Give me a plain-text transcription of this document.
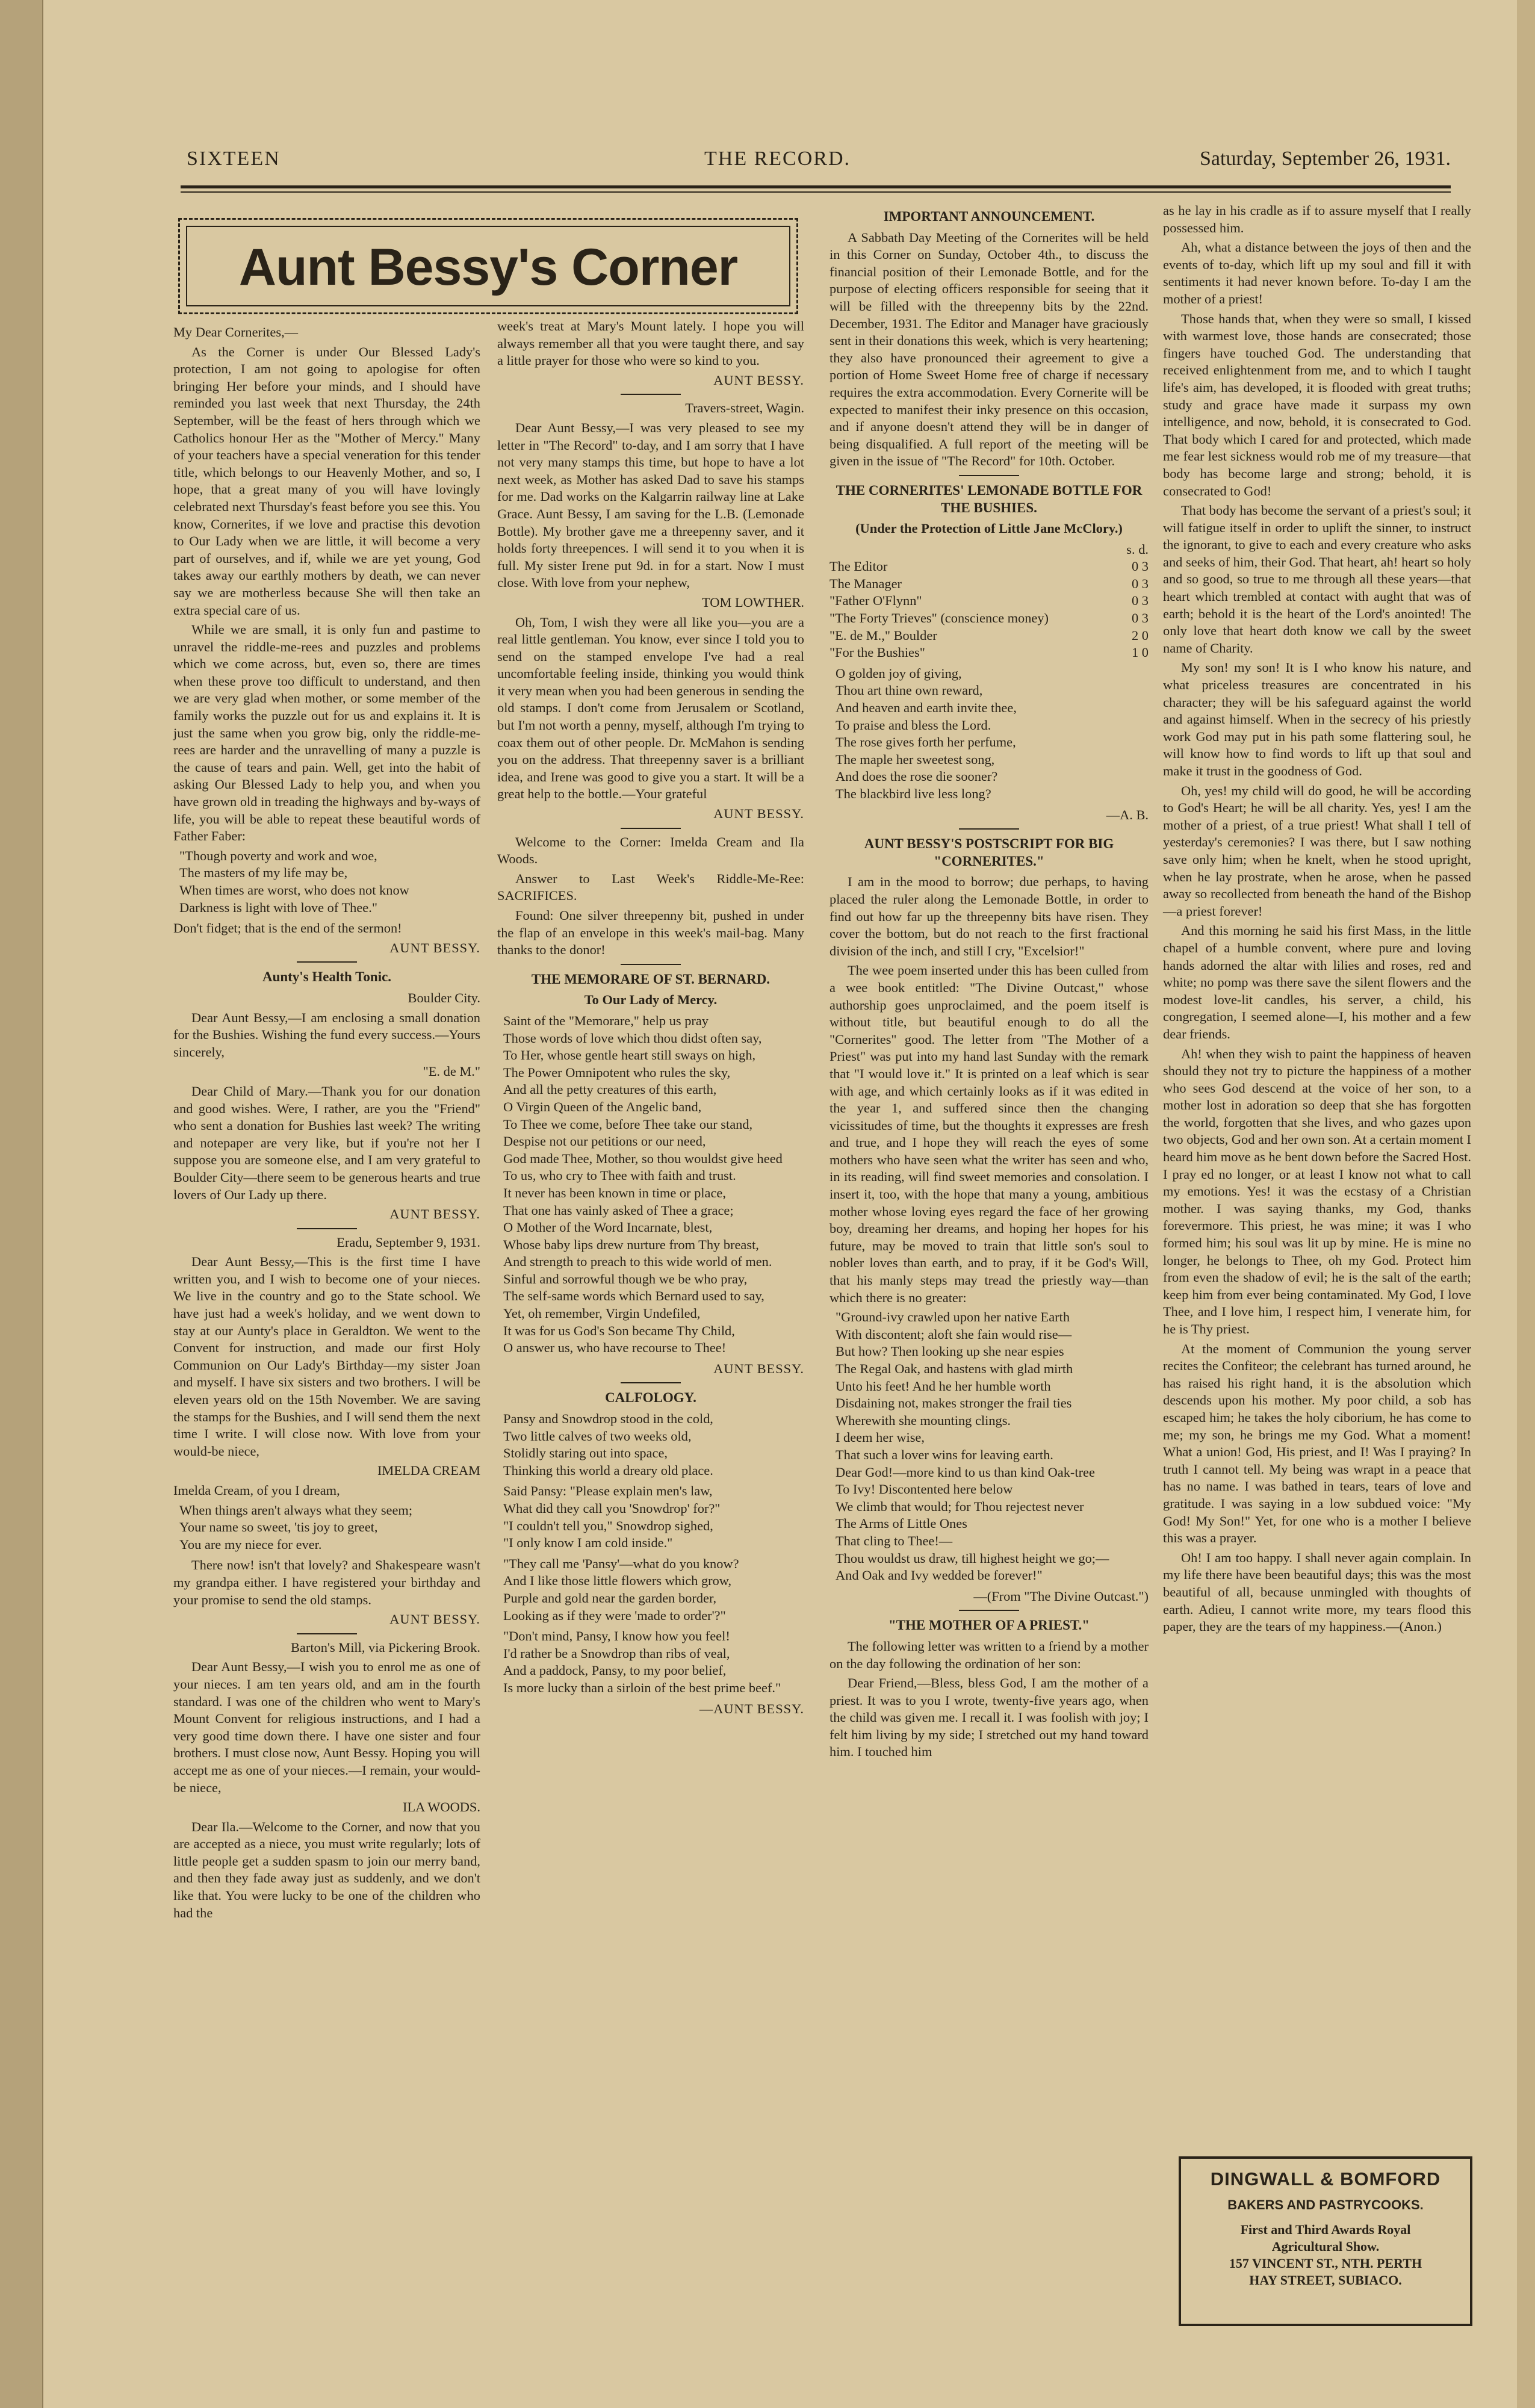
SIXTEEN	THE RECORD.	Saturday, September 26, 1931.
Aunt Bessy's Corner

My Dear Cornerites,—

As the Corner is under Our Blessed Lady's protection, I am not going to apologise for often bringing Her before your minds, and I should have reminded you last week that next Thursday, the 24th September, will be the feast of hers through which we Catholics honour Her as the "Mother of Mercy." Many of your teachers have a special veneration for this tender title, which belongs to our Heavenly Mother, and so, I hope, that a great many of you will have lovingly celebrated next Thursday's feast before you see this. You know, Cornerites, if we love and practise this devotion to Our Lady when we are little, it will become a very part of ourselves, and if, while we are yet young, God takes away our earthly mothers by death, we can never say we are motherless because She will then take an extra special care of us.

While we are small, it is only fun and pastime to unravel the riddle-me-rees and puzzles and problems which we come across, but, even so, there are times when these prove too difficult to understand, and then we are very glad when mother, or some member of the family works the puzzle out for us and explains it. It is just the same when you grow big, only the riddle-me-rees are harder and the unravelling of many a puzzle is the cause of tears and pain. Well, get into the habit of asking Our Blessed Lady to help you, and when you have grown old in treading the highways and by-ways of life, you will be able to repeat these beautiful words of Father Faber:

"Though poverty and work and woe,
The masters of my life may be,
When times are worst, who does not know
Darkness is light with love of Thee."

Don't fidget; that is the end of the sermon!

AUNT BESSY.

Aunty's Health Tonic.

Boulder City.

Dear Aunt Bessy,—I am enclosing a small donation for the Bushies. Wishing the fund every success.—Yours sincerely,

"E. de M."

Dear Child of Mary.—Thank you for our donation and good wishes. Were, I rather, are you the "Friend" who sent a donation for Bushies last week? The writing and notepaper are very like, but if you're not her I suppose you are someone else, and I am very grateful to Boulder City—there seem to be generous hearts and true lovers of Our Lady up there.

AUNT BESSY.

Eradu, September 9, 1931.

Dear Aunt Bessy,—This is the first time I have written you, and I wish to become one of your nieces. We live in the country and go to the State school. We have just had a week's holiday, and we went down to stay at our Aunty's place in Geraldton. We went to the Convent for instruction, and made our first Holy Communion on Our Lady's Birthday—my sister Joan and myself. I have six sisters and two brothers. I will be eleven years old on the 15th November. We are saving the stamps for the Bushies, and I will send them the next time I write. I will close now. With love from your would-be niece,

IMELDA CREAM

Imelda Cream, of you I dream,

When things aren't always what they seem;
Your name so sweet, 'tis joy to greet,
You are my niece for ever.

There now! isn't that lovely? and Shakespeare wasn't my grandpa either. I have registered your birthday and your promise to send the old stamps.

AUNT BESSY.

Barton's Mill, via Pickering Brook.

Dear Aunt Bessy,—I wish you to enrol me as one of your nieces. I am ten years old, and am in the fourth standard. I was one of the children who went to Mary's Mount Convent for religious instructions, and I had a very good time down there. I have one sister and four brothers. I must close now, Aunt Bessy. Hoping you will accept me as one of your nieces.—I remain, your would-be niece,

ILA WOODS.

Dear Ila.—Welcome to the Corner, and now that you are accepted as a niece, you must write regularly; lots of little people get a sudden spasm to join our merry band, and then they fade away just as suddenly, and we don't like that. You were lucky to be one of the children who had the

week's treat at Mary's Mount lately. I hope you will always remember all that you were taught there, and say a little prayer for those who were so kind to you.

AUNT BESSY.

Travers-street, Wagin.

Dear Aunt Bessy,—I was very pleased to see my letter in "The Record" to-day, and I am sorry that I have not very many stamps this time, but hope to have a lot next week, as Mother has asked Dad to save his stamps for me. Dad works on the Kalgarrin railway line at Lake Grace. Aunt Bessy, I am saving for the L.B. (Lemonade Bottle). My brother gave me a threepenny saver, and it holds forty threepences. I will send it to you when it is full. My sister Irene put 9d. in for a start. Now I must close. With love from your nephew,

TOM LOWTHER.

Oh, Tom, I wish they were all like you—you are a real little gentleman. You know, ever since I told you to send on the stamped envelope I've had a real uncomfortable feeling inside, thinking you would think it very mean when you had been generous in sending the old stamps. I don't come from Jerusalem or Scotland, but I'm not worth a penny, myself, although I'm trying to coax them out of other people. Dr. McMahon is sending you on the address. That threepenny saver is a brilliant idea, and Irene was good to give you a start. It will be a great help to the bottle.—Your grateful

AUNT BESSY.

Welcome to the Corner: Imelda Cream and Ila Woods.

Answer to Last Week's Riddle-Me-Ree: SACRIFICES.

Found: One silver threepenny bit, pushed in under the flap of an envelope in this week's mail-bag. Many thanks to the donor!

THE MEMORARE OF ST. BERNARD.

To Our Lady of Mercy.

Saint of the "Memorare," help us pray
Those words of love which thou didst often say,
To Her, whose gentle heart still sways on high,
The Power Omnipotent who rules the sky,
And all the petty creatures of this earth,
O Virgin Queen of the Angelic band,
To Thee we come, before Thee take our stand,
Despise not our petitions or our need,
God made Thee, Mother, so thou wouldst give heed
To us, who cry to Thee with faith and trust.
It never has been known in time or place,
That one has vainly asked of Thee a grace;
O Mother of the Word Incarnate, blest,
Whose baby lips drew nurture from Thy breast,
And strength to preach to this wide world of men.
Sinful and sorrowful though we be who pray,
The self-same words which Bernard used to say,
Yet, oh remember, Virgin Undefiled,
It was for us God's Son became Thy Child,
O answer us, who have recourse to Thee!

AUNT BESSY.

CALFOLOGY.

Pansy and Snowdrop stood in the cold,
Two little calves of two weeks old,
Stolidly staring out into space,
Thinking this world a dreary old place.
Said Pansy: "Please explain men's law,
What did they call you 'Snowdrop' for?"
"I couldn't tell you," Snowdrop sighed,
"I only know I am cold inside."
"They call me 'Pansy'—what do you know?
And I like those little flowers which grow,
Purple and gold near the garden border,
Looking as if they were 'made to order'?"
"Don't mind, Pansy, I know how you feel!
I'd rather be a Snowdrop than ribs of veal,
And a paddock, Pansy, to my poor belief,
Is more lucky than a sirloin of the best prime beef."

—AUNT BESSY.

IMPORTANT ANNOUNCEMENT.

A Sabbath Day Meeting of the Cornerites will be held in this Corner on Sunday, October 4th., to discuss the financial position of their Lemonade Bottle, and for the purpose of electing officers responsible for seeing that it will be filled with the threepenny bits by the 22nd. December, 1931. The Editor and Manager have graciously sent in their donations this week, which is very heartening; they also have pronounced their agreement to give a portion of Home Sweet Home free of charge if necessary requires the extra accommodation. Every Cornerite will be expected to manifest their inky presence on this occasion, and if anyone doesn't attend they will be in danger of being disqualified. A full report of the meeting will be given in the issue of "The Record" for 10th. October.

THE CORNERITES' LEMONADE BOTTLE FOR THE BUSHIES.

(Under the Protection of Little Jane McClory.)

	s. d.
The Editor	0 3
The Manager	0 3
"Father O'Flynn"	0 3
"The Forty Trieves" (conscience money)	0 3
"E. de M.," Boulder	2 0
"For the Bushies"	1 0
O golden joy of giving,
Thou art thine own reward,
And heaven and earth invite thee,
To praise and bless the Lord.
The rose gives forth her perfume,
The maple her sweetest song,
And does the rose die sooner?
The blackbird live less long?

—A. B.

AUNT BESSY'S POSTSCRIPT FOR BIG "CORNERITES."

I am in the mood to borrow; due perhaps, to having placed the ruler along the Lemonade Bottle, in order to find out how far up the threepenny bits have risen. They cover the bottom, but do not reach to the first fractional division of the inch, and still I cry, "Excelsior!"

The wee poem inserted under this has been culled from a wee book entitled: "The Divine Outcast," whose authorship goes unproclaimed, and the poem itself is without title, but beautiful enough to do all the "Cornerites" good. The letter from "The Mother of a Priest" was put into my hand last Sunday with the remark that "I would love it." It is printed on a leaf which is sear with age, and which certainly looks as if it was edited in the year 1, and suffered since then the changing vicissitudes of time, but the thoughts it expresses are fresh and true, and I hope they will reach the eyes of some mothers who have seen what the writer has seen and who, in its reading, will find sweet memories and consolation. I insert it, too, with the hope that many a young, ambitious mother whose loving eyes regard the face of her growing boy, dreaming her dreams, and hoping her hopes for his future, may be moved to train that little son's soul to nobler loves than earth, and to pray, if it be God's Will, that his manly steps may tread the priestly way—than which there is no greater:

"Ground-ivy crawled upon her native Earth
With discontent; aloft she fain would rise—
But how? Then looking up she near espies
The Regal Oak, and hastens with glad mirth
Unto his feet! And he her humble worth
Disdaining not, makes stronger the frail ties
Wherewith she mounting clings.
I deem her wise,
That such a lover wins for leaving earth.
Dear God!—more kind to us than kind Oak-tree
To Ivy! Discontented here below
We climb that would; for Thou rejectest never
The Arms of Little Ones
That cling to Thee!—
Thou wouldst us draw, till highest height we go;—
And Oak and Ivy wedded be forever!"

—(From "The Divine Outcast.")

"THE MOTHER OF A PRIEST."

The following letter was written to a friend by a mother on the day following the ordination of her son:

Dear Friend,—Bless, bless God, I am the mother of a priest. It was to you I wrote, twenty-five years ago, when the child was given me. I recall it. I was foolish with joy; I felt him living by my side; I stretched out my hand toward him. I touched him

as he lay in his cradle as if to assure myself that I really possessed him.

Ah, what a distance between the joys of then and the events of to-day, which lift up my soul and fill it with sentiments it had never known before. To-day I am the mother of a priest!

Those hands that, when they were so small, I kissed with warmest love, those hands are consecrated; those fingers have touched God. The understanding that received enlightenment from me, and to which I taught life's aim, has developed, it is flooded with great truths; study and grace have made it surpass my own intelligence, and now, behold, it is consecrated to God. That body which I cared for and protected, which made me fear lest sickness would rob me of my treasure—that body has become large and strong; behold, it is consecrated to God!

That body has become the servant of a priest's soul; it will fatigue itself in order to uplift the sinner, to instruct the ignorant, to give to each and every creature who asks and seeks of him, their God. That heart, ah! heart so holy and so good, so true to me through all these years—that heart which trembled at contact with aught that was of earth; behold it is the heart of the Lord's anointed! The only love that heart doth know we call by the sweet name of Charity.

My son! my son! It is I who know his nature, and what priceless treasures are concentrated in his character; they will be his safeguard against the world and against himself. When in the secrecy of his priestly work God may put in his path some flattering soul, he will know how to find words to lift up that soul and make it trust in the goodness of God.

Oh, yes! my child will do good, he will be according to God's Heart; he will be all charity. Yes, yes! I am the mother of a priest, of a true priest! What shall I tell of yesterday's ceremonies? I was there, but I saw nothing save only him; when he knelt, when he stood upright, when he lay prostrate, when he arose, when he passed away so recollected from beneath the hand of the Bishop—a priest forever!

And this morning he said his first Mass, in the little chapel of a humble convent, where pure and loving hands adorned the altar with lilies and roses, red and white; no pomp was there save the silent flowers and the modest love-lit candles, his server, a child, his congregation, I seemed alone—I, his mother and a few dear friends.

Ah! when they wish to paint the happiness of heaven should they not try to picture the happiness of a mother who sees God descend at the voice of her son, to a mother lost in adoration so deep that she has forgotten the world, forgotten that she lives, and who gazes upon two objects, God and her own son. At a certain moment I heard him move as he bent down before the Sacred Host. I pray ed no longer, or at least I know not what to call my emotions. Yes! it was the ecstasy of a Christian mother. I was saying thanks, my God, thanks forevermore. This priest, he was mine; it was I who formed him; his soul was lit up by mine. He is mine no longer, he belongs to Thee, oh my God. Protect him from even the shadow of evil; he is the salt of the earth; keep him from ever being contaminated. My God, I love Thee, and I love him, I respect him, I venerate him, for he is Thy priest.

At the moment of Communion the young server recites the Confiteor; the celebrant has turned around, he has raised his right hand, it is the absolution which descends upon his mother. My poor child, a sob has escaped him; he takes the holy ciborium, he has come to me; my son, he brings me my God. What a moment! What a union! God, His priest, and I! Was I praying? In truth I cannot tell. My being was wrapt in a peace that has no name. I was bathed in tears, tears of love and gratitude. I was saying in a low subdued voice: "My God! My Son!" Yet, for one who is a mother I believe this was a prayer.

Oh! I am too happy. I shall never again complain. In my life there have been beautiful days; this was the most beautiful of all, because unmingled with thoughts of earth. Adieu, I cannot write more, my tears flood this paper, they are the tears of my happiness.—(Anon.)

DINGWALL & BOMFORD
BAKERS AND PASTRYCOOKS.
First and Third Awards Royal
Agricultural Show.
157 VINCENT ST., NTH. PERTH
HAY STREET, SUBIACO.
